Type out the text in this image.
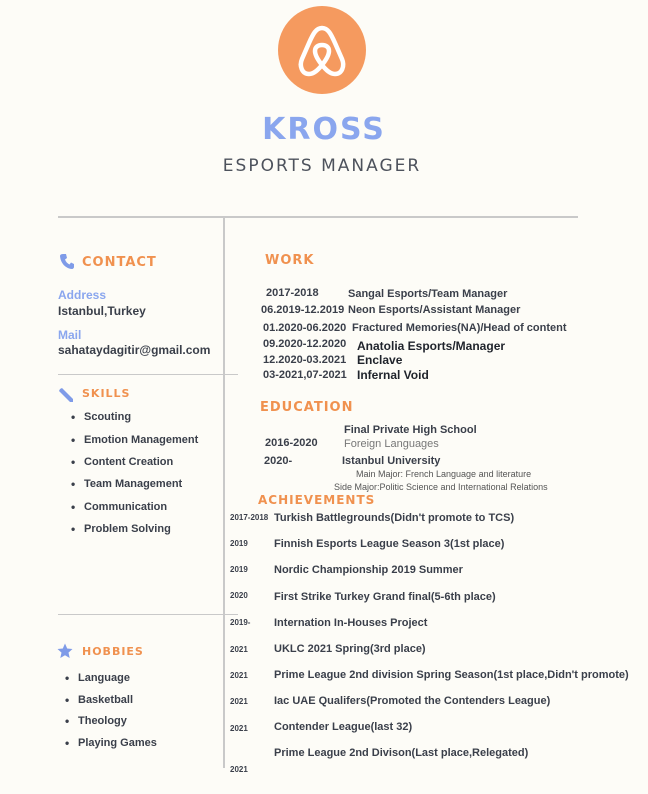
KROSS
ESPORTS MANAGER
CONTACT
Address
Istanbul,Turkey
Mail
sahataydagitir@gmail.com
SKILLS
• Scouting
• Emotion Management
• Content Creation
• Team Management
• Communication
• Problem Solving
HOBBIES
• Language
• Basketball
• Theology
• Playing Games
WORK
2017-2018	Sangal Esports/Team Manager
06.2019-12.2019 Neon Esports/Assistant Manager
01.2020-06.2020 Fractured Memories(NA)/Head of content
09.2020-12.2020 Anatolia Esports/Manager
12.2020-03.2021 Enclave
03-2021,07-2021 Infernal Void
EDUCATION
Final Private High School
2016-2020 Foreign Languages
2020-	Istanbul University
Main Major: French Language and literature
Side Major:Politic Science and International Relations
ACHIEVEMENTS
2017-2018 Turkish Battlegrounds(Didn't promote to TCS)
2019 Finnish Esports League Season 3(1st place)
2019 Nordic Championship 2019 Summer
2020 First Strike Turkey Grand final(5-6th place)
2019- Internation In-Houses Project
2021 UKLC 2021 Spring(3rd place)
2021 Prime League 2nd division Spring Season(1st place,Didn't promote)
2021 Iac UAE Qualifers(Promoted the Contenders League)
2021 Contender League(last 32)
Prime League 2nd Divison(Last place,Relegated)
2021
